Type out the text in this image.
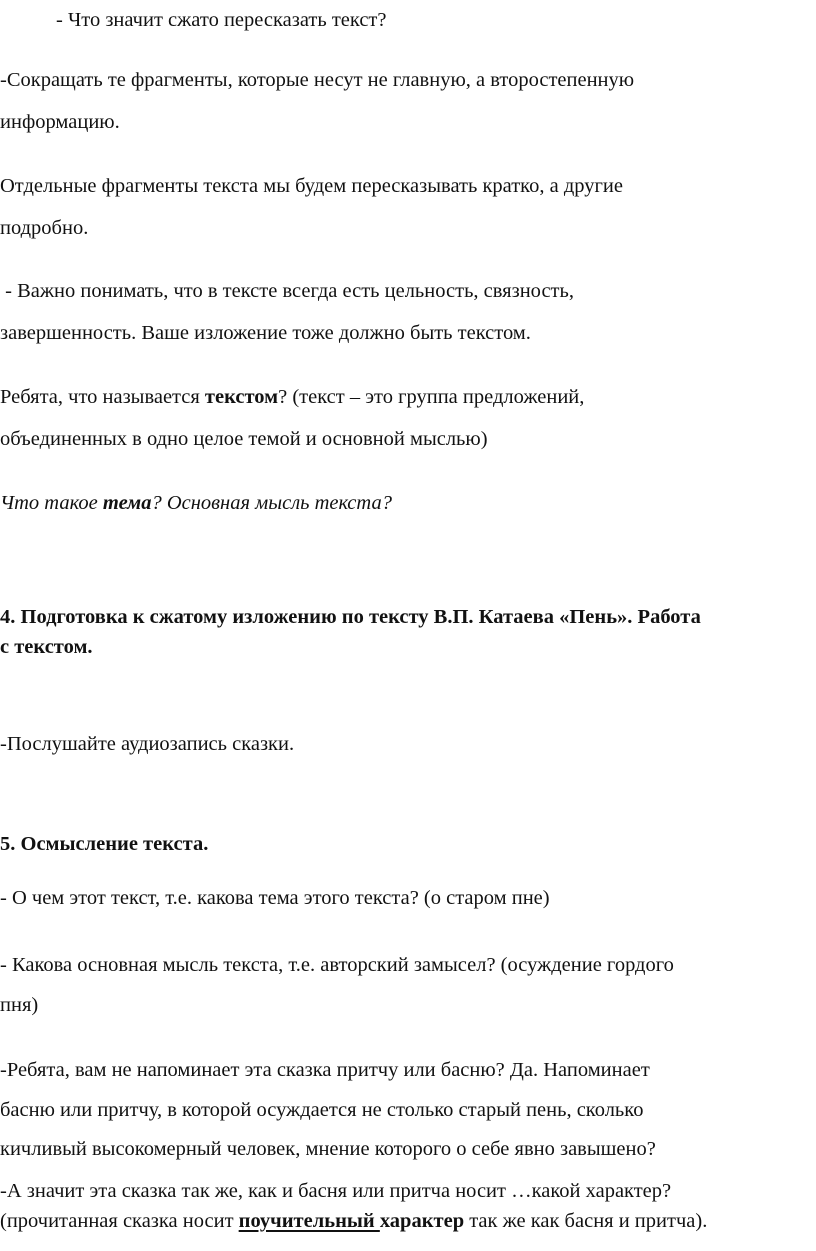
- Что значит сжато пересказать текст?
-Сокращать те фрагменты, которые несут не главную, а второстепенную
информацию.
Отдельные фрагменты текста мы будем пересказывать кратко, а другие
подробно.
- Важно понимать, что в тексте всегда есть цельность, связность,
завершенность. Ваше изложение тоже должно быть текстом.
Ребята, что называется текстом? (текст – это группа предложений,
объединенных в одно целое темой и основной мыслью)
Что такое тема? Основная мысль текста?
4. Подготовка к сжатому изложению по тексту В.П. Катаева «Пень». Работа
с текстом.
-Послушайте аудиозапись сказки.
5. Осмысление текста.
- О чем этот текст, т.е. какова тема этого текста? (о старом пне)
- Какова основная мысль текста, т.е. авторский замысел? (осуждение гордого
пня)
-Ребята, вам не напоминает эта сказка притчу или басню? Да. Напоминает
басню или притчу, в которой осуждается не столько старый пень, сколько
кичливый высокомерный человек, мнение которого о себе явно завышено?
-А значит эта сказка так же, как и басня или притча носит …какой характер?
(прочитанная сказка носит поучительный характер так же как басня и притча).
